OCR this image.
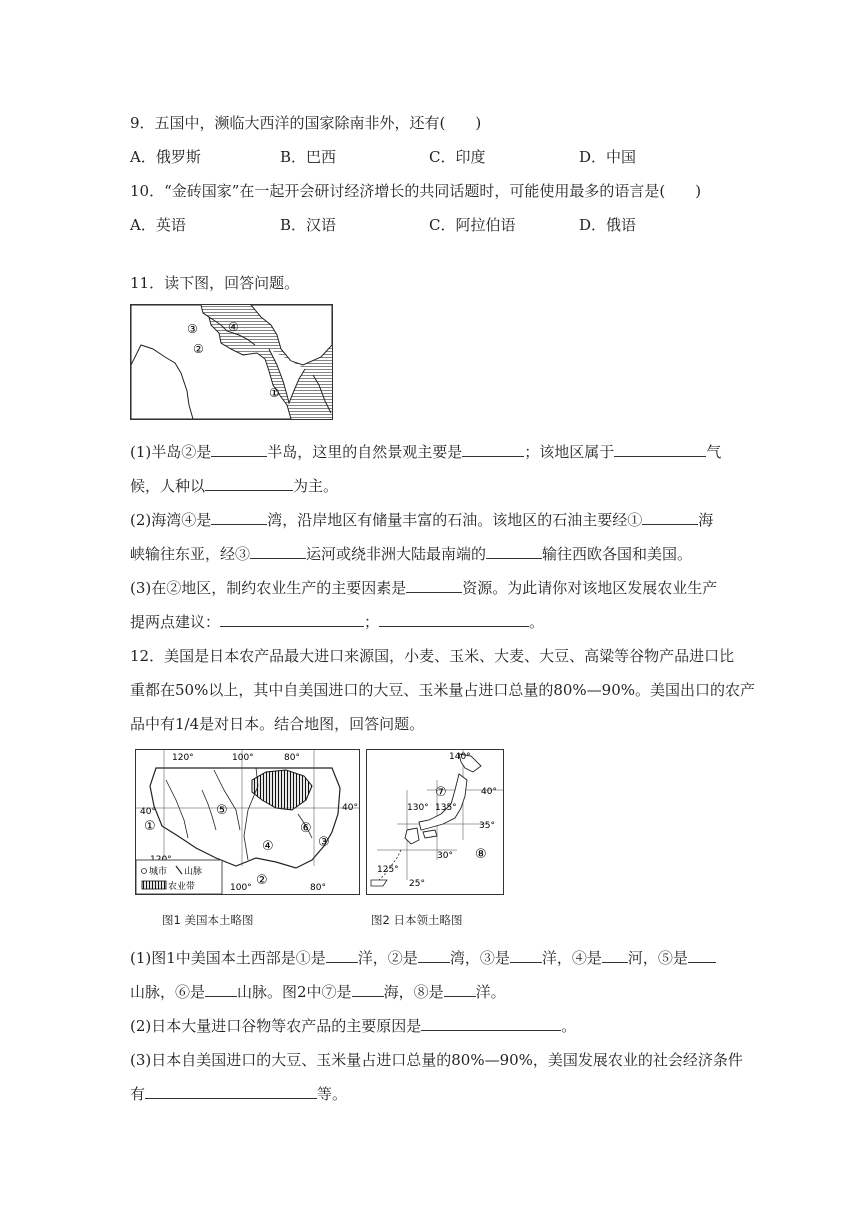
9．五国中，濒临大西洋的国家除南非外，还有(　　)
A．俄罗斯	B．巴西	C．印度	D．中国
10．“金砖国家”在一起开会研讨经济增长的共同话题时，可能使用最多的语言是(　　)
A．英语	B．汉语	C．阿拉伯语	D．俄语
11．读下图，回答问题。
④
③
②
①
(1)半岛②是	半岛，这里的自然景观主要是	；该地区属于	气
候，人种以	为主。
(2)海湾④是	湾，沿岸地区有储量丰富的石油。该地区的石油主要经①	海
峡输往东亚，经③	运河或绕非洲大陆最南端的	输往西欧各国和美国。
(3)在②地区，制约农业生产的主要因素是	资源。为此请你对该地区发展农业生产
提两点建议：	；	。
12．美国是日本农产品最大进口来源国，小麦、玉米、大麦、大豆、高粱等谷物产品进口比
重都在50%以上，其中自美国进口的大豆、玉米量占进口总量的80%—90%。美国出口的农产
品中有1/4是对日本。结合地图，回答问题。
120°	100°	80°
40°	40°
100°	80°
①
②
③
④
⑤
⑥
城市 山脉
农业带
140°
40°
130° 135°
35°
30°
125°
25°
⑦
⑧
图1 美国本土略图	图2 日本领土略图
(1)图1中美国本土西部是①是 洋，②是 湾，③是 洋，④是 河，⑤是
山脉，⑥是 山脉。图2中⑦是 海，⑧是 洋。
(2)日本大量进口谷物等农产品的主要原因是	。
(3)日本自美国进口的大豆、玉米量占进口总量的80%—90%，美国发展农业的社会经济条件
有	等。
